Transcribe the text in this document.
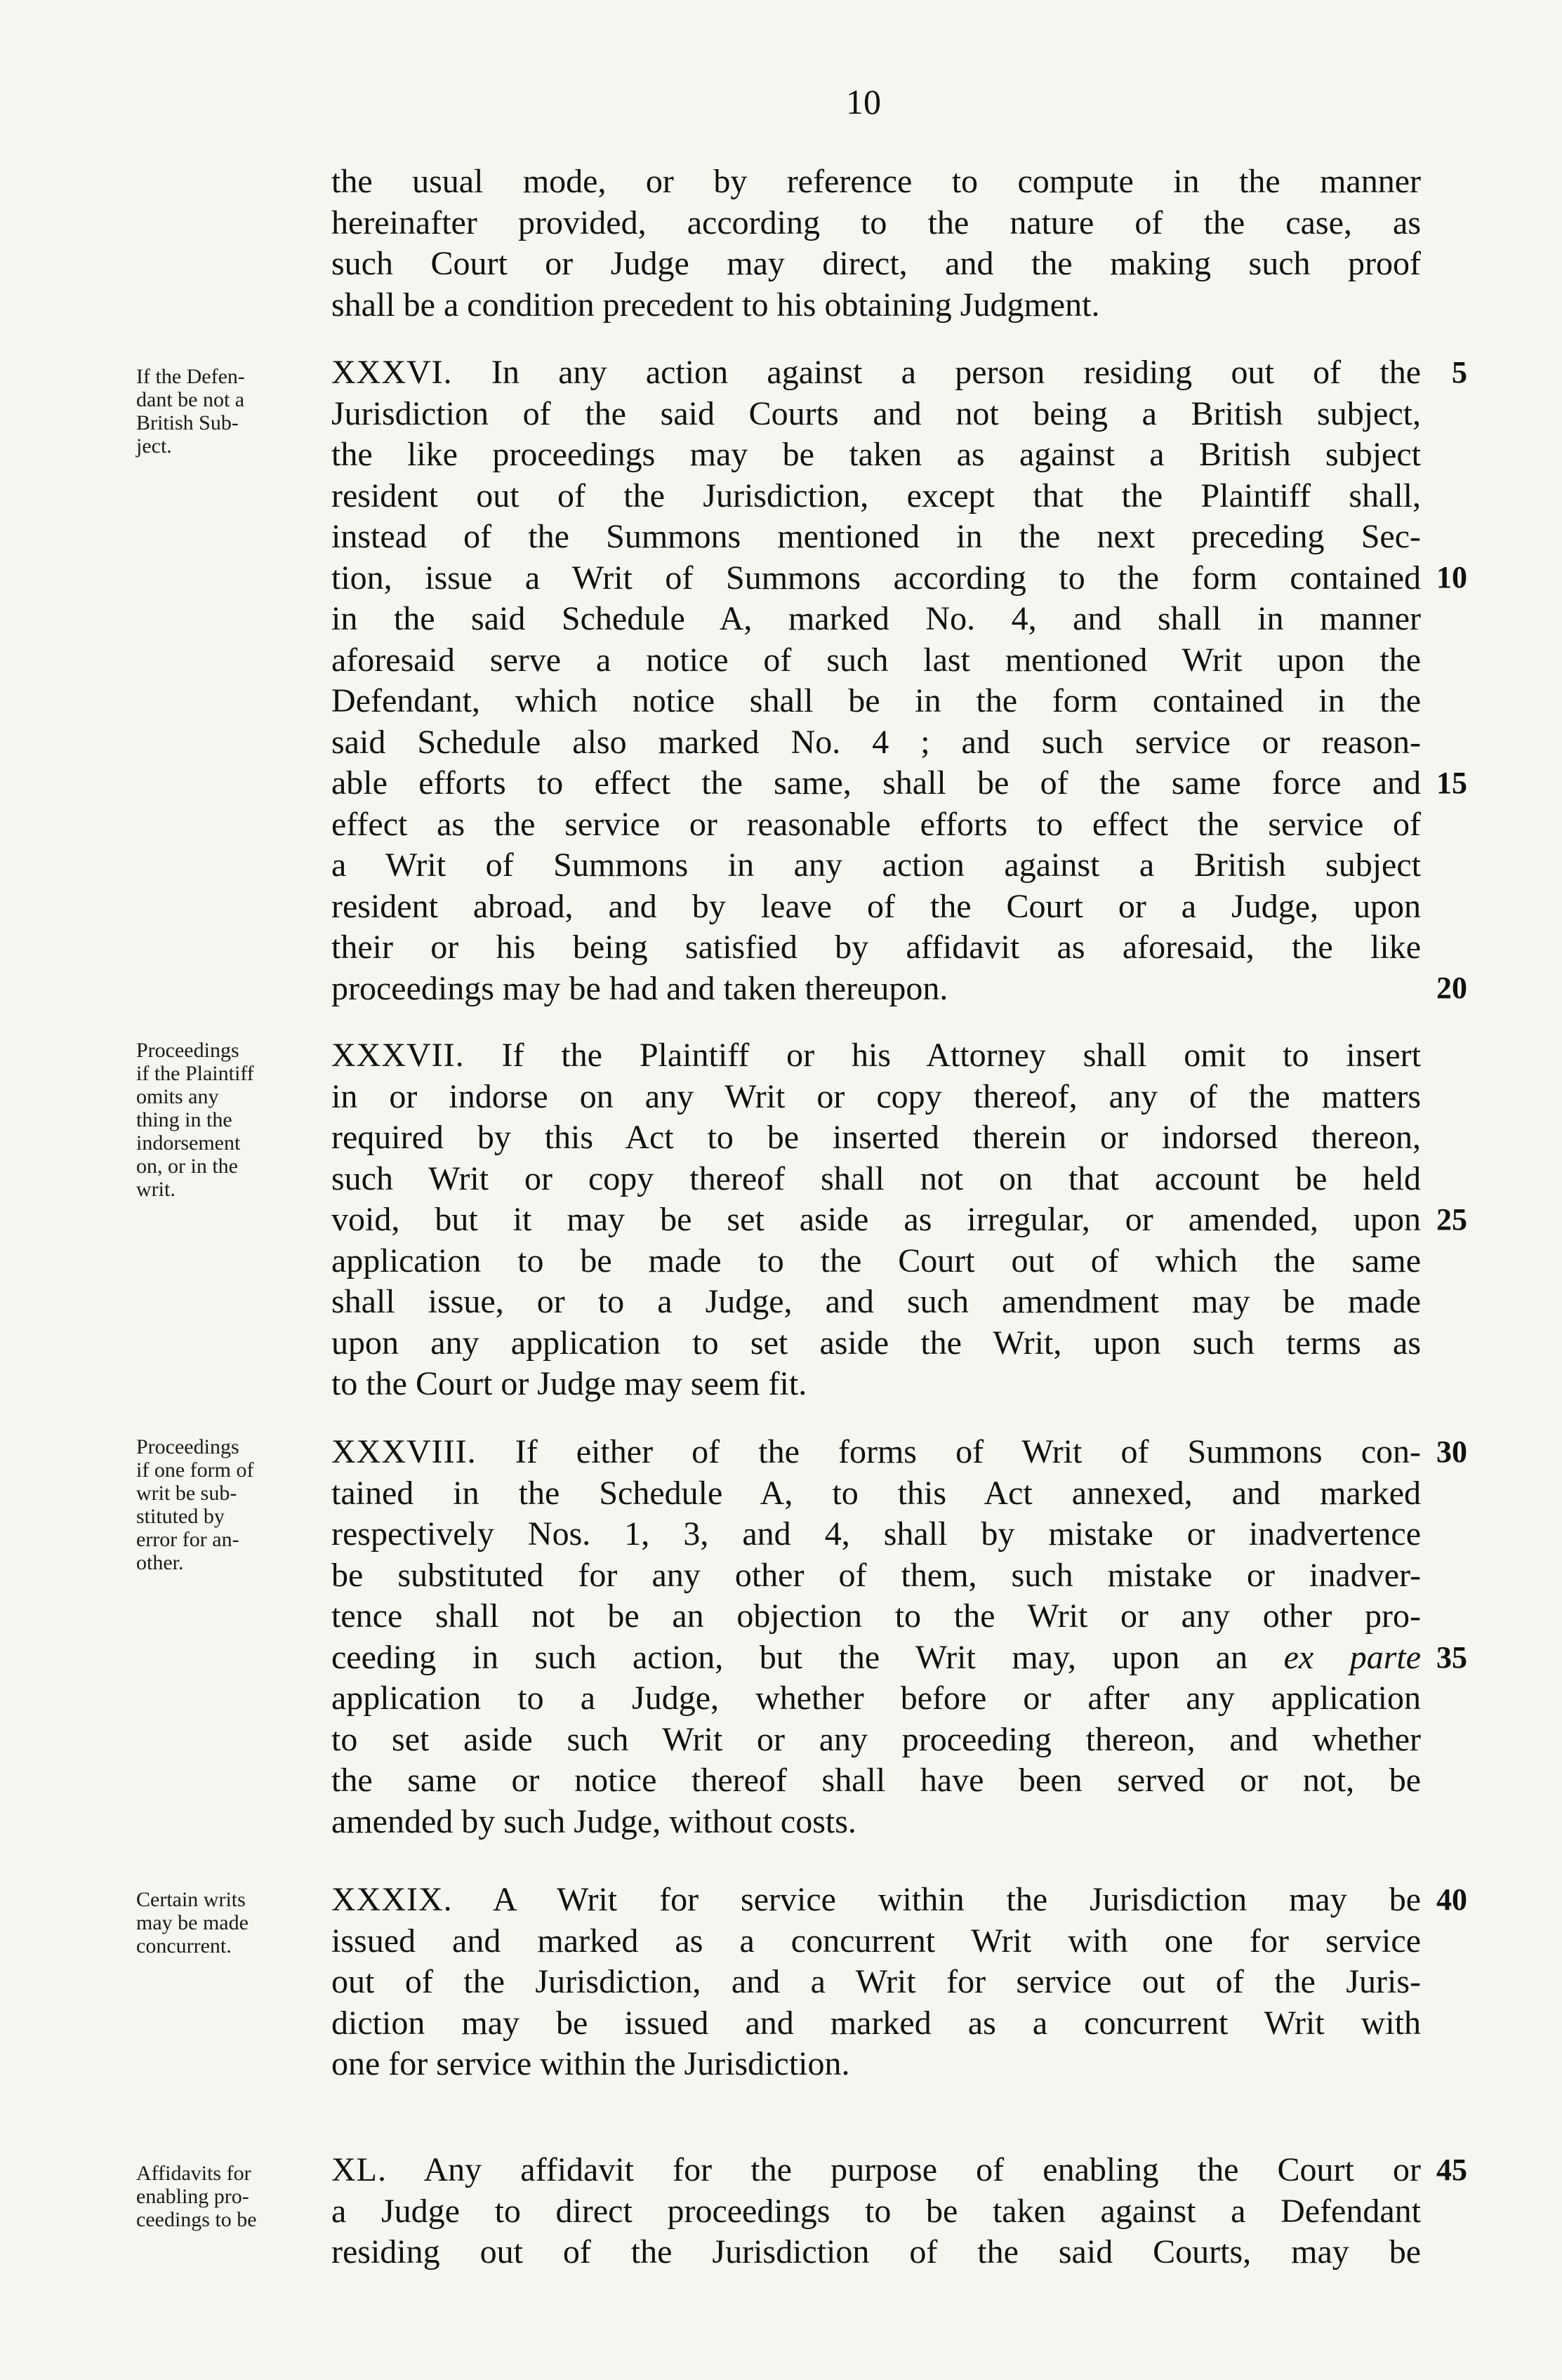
10
the usual mode, or by reference to compute in the manner
hereinafter provided, according to the nature of the case, as
such Court or Judge may direct, and the making such proof
shall be a condition precedent to his obtaining Judgment.
If the Defen-
dant be not a
British Sub-
ject.
XXXVI. In any action against a person residing out of the
Jurisdiction of the said Courts and not being a British subject,
the like proceedings may be taken as against a British subject
resident out of the Jurisdiction, except that the Plaintiff shall,
instead of the Summons mentioned in the next preceding Sec-
tion, issue a Writ of Summons according to the form contained
in the said Schedule A, marked No. 4, and shall in manner
aforesaid serve a notice of such last mentioned Writ upon the
Defendant, which notice shall be in the form contained in the
said Schedule also marked No. 4 ; and such service or reason-
able efforts to effect the same, shall be of the same force and
effect as the service or reasonable efforts to effect the service of
a Writ of Summons in any action against a British subject
resident abroad, and by leave of the Court or a Judge, upon
their or his being satisfied by affidavit as aforesaid, the like
proceedings may be had and taken thereupon.
Proceedings
if the Plaintiff
omits any
thing in the
indorsement
on, or in the
writ.
XXXVII. If the Plaintiff or his Attorney shall omit to insert
in or indorse on any Writ or copy thereof, any of the matters
required by this Act to be inserted therein or indorsed thereon,
such Writ or copy thereof shall not on that account be held
void, but it may be set aside as irregular, or amended, upon
application to be made to the Court out of which the same
shall issue, or to a Judge, and such amendment may be made
upon any application to set aside the Writ, upon such terms as
to the Court or Judge may seem fit.
Proceedings
if one form of
writ be sub-
stituted by
error for an-
other.
XXXVIII. If either of the forms of Writ of Summons con-
tained in the Schedule A, to this Act annexed, and marked
respectively Nos. 1, 3, and 4, shall by mistake or inadvertence
be substituted for any other of them, such mistake or inadver-
tence shall not be an objection to the Writ or any other pro-
ceeding in such action, but the Writ may, upon an ex parte
application to a Judge, whether before or after any application
to set aside such Writ or any proceeding thereon, and whether
the same or notice thereof shall have been served or not, be
amended by such Judge, without costs.
Certain writs
may be made
concurrent.
XXXIX. A Writ for service within the Jurisdiction may be
issued and marked as a concurrent Writ with one for service
out of the Jurisdiction, and a Writ for service out of the Juris-
diction may be issued and marked as a concurrent Writ with
one for service within the Jurisdiction.
Affidavits for
enabling pro-
ceedings to be
XL. Any affidavit for the purpose of enabling the Court or
a Judge to direct proceedings to be taken against a Defendant
residing out of the Jurisdiction of the said Courts, may be
5
10
15
20
25
30
35
40
45
